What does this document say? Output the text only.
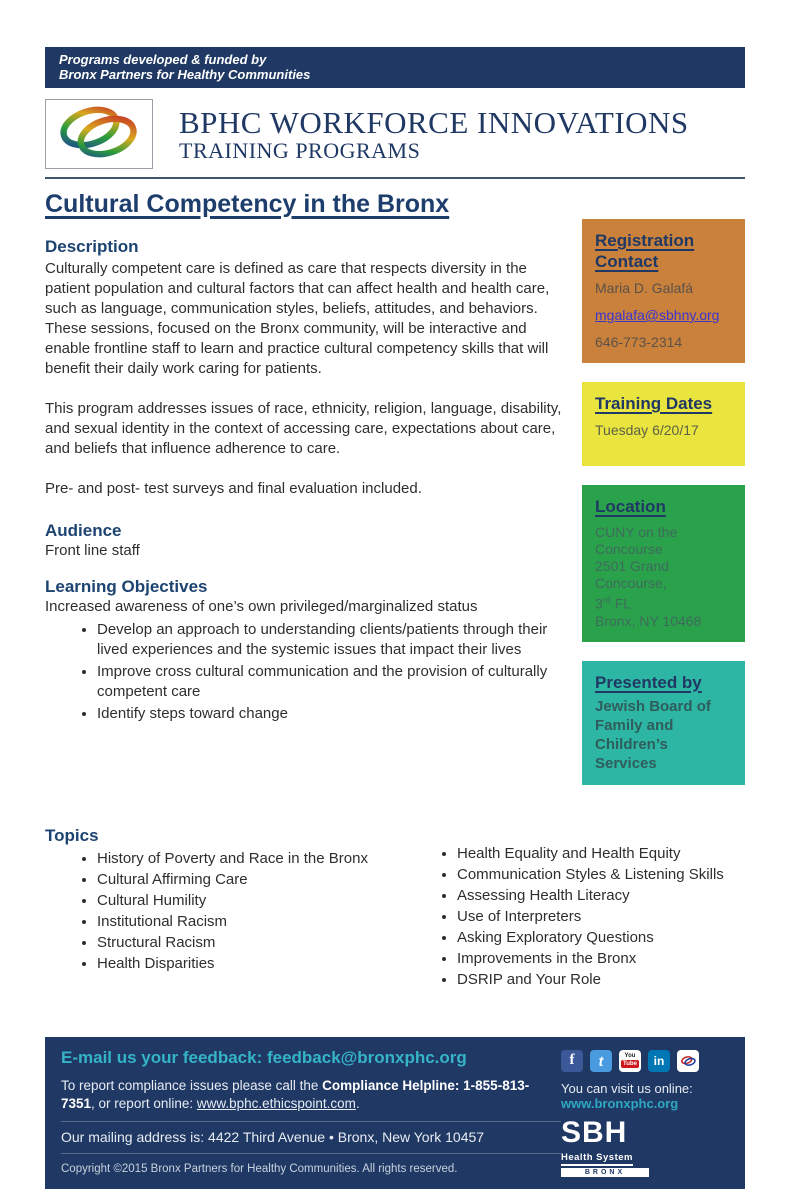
Programs developed & funded by
Bronx Partners for Healthy Communities
BPHC WORKFORCE INNOVATIONS
TRAINING PROGRAMS
Cultural Competency in the Bronx
Description

Culturally competent care is defined as care that respects diversity in the patient population and cultural factors that can affect health and health care, such as language, communication styles, beliefs, attitudes, and behaviors. These sessions, focused on the Bronx community, will be interactive and enable frontline staff to learn and practice cultural competency skills that will benefit their daily work caring for patients.

This program addresses issues of race, ethnicity, religion, language, disability, and sexual identity in the context of accessing care, expectations about care, and beliefs that influence adherence to care.

Pre- and post- test surveys and final evaluation included.

Audience

Front line staff

Learning Objectives

Increased awareness of one’s own privileged/marginalized status

• Develop an approach to understanding clients/patients through their lived experiences and the systemic issues that impact their lives
• Improve cross cultural communication and the provision of culturally competent care
• Identify steps toward change
Registration Contact
Maria D. Galafá
mgalafa@sbhny.org
646-773-2314
Training Dates
Tuesday 6/20/17
Location
CUNY on the Concourse
2501 Grand Concourse,
3rd FL
Bronx, NY 10468
Presented by
Jewish Board of Family and Children’s Services
Topics
• History of Poverty and Race in the Bronx
• Cultural Affirming Care
• Cultural Humility
• Institutional Racism
• Structural Racism
• Health Disparities
• Health Equality and Health Equity
• Communication Styles & Listening Skills
• Assessing Health Literacy
• Use of Interpreters
• Asking Exploratory Questions
• Improvements in the Bronx
• DSRIP and Your Role
E-mail us your feedback: feedback@bronxphc.org
To report compliance issues please call the Compliance Helpline: 1-855-813-7351, or report online: www.bphc.ethicspoint.com.
Our mailing address is: 4422 Third Avenue • Bronx, New York 10457
Copyright ©2015 Bronx Partners for Healthy Communities. All rights reserved.
f	t	You
Tube	in
You can visit us online:
www.bronxphc.org
SBH
Health System
BRONX
